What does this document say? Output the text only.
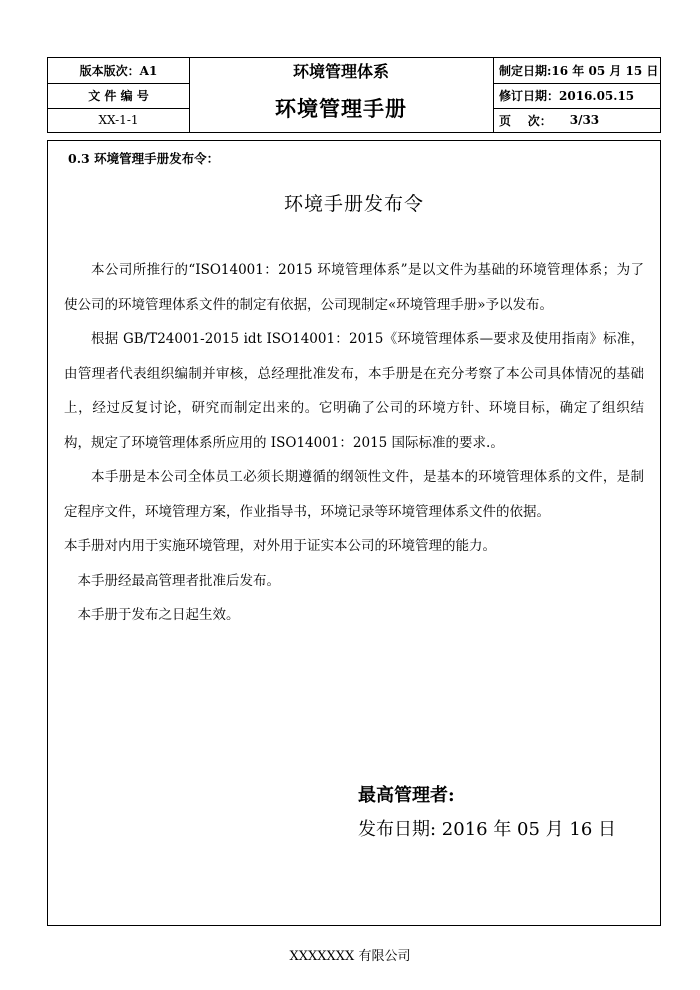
版本版次：A1
文 件 编 号
XX-1-1
环境管理体系
环境管理手册
制定日期:16 年 05 月 15 日
修订日期：2016.05.15
页    次： 3/33
0.3 环境管理手册发布令：
环境手册发布令

本公司所推行的“ISO14001：2015 环境管理体系”是以文件为基础的环境管理体系；为了使公司的环境管理体系文件的制定有依据，公司现制定«环境管理手册»予以发布。

根据 GB/T24001-2015 idt ISO14001：2015《环境管理体系—要求及使用指南》标准，由管理者代表组织编制并审核，总经理批准发布，本手册是在充分考察了本公司具体情况的基础上，经过反复讨论，研究而制定出来的。它明确了公司的环境方针、环境目标，确定了组织结构，规定了环境管理体系所应用的 ISO14001：2015 国际标准的要求.。

本手册是本公司全体员工必须长期遵循的纲领性文件，是基本的环境管理体系的文件，是制定程序文件，环境管理方案，作业指导书，环境记录等环境管理体系文件的依据。

本手册对内用于实施环境管理，对外用于证实本公司的环境管理的能力。

本手册经最高管理者批准后发布。

本手册于发布之日起生效。

最高管理者:
发布日期: 2016 年 05 月 16 日
XXXXXXX 有限公司
